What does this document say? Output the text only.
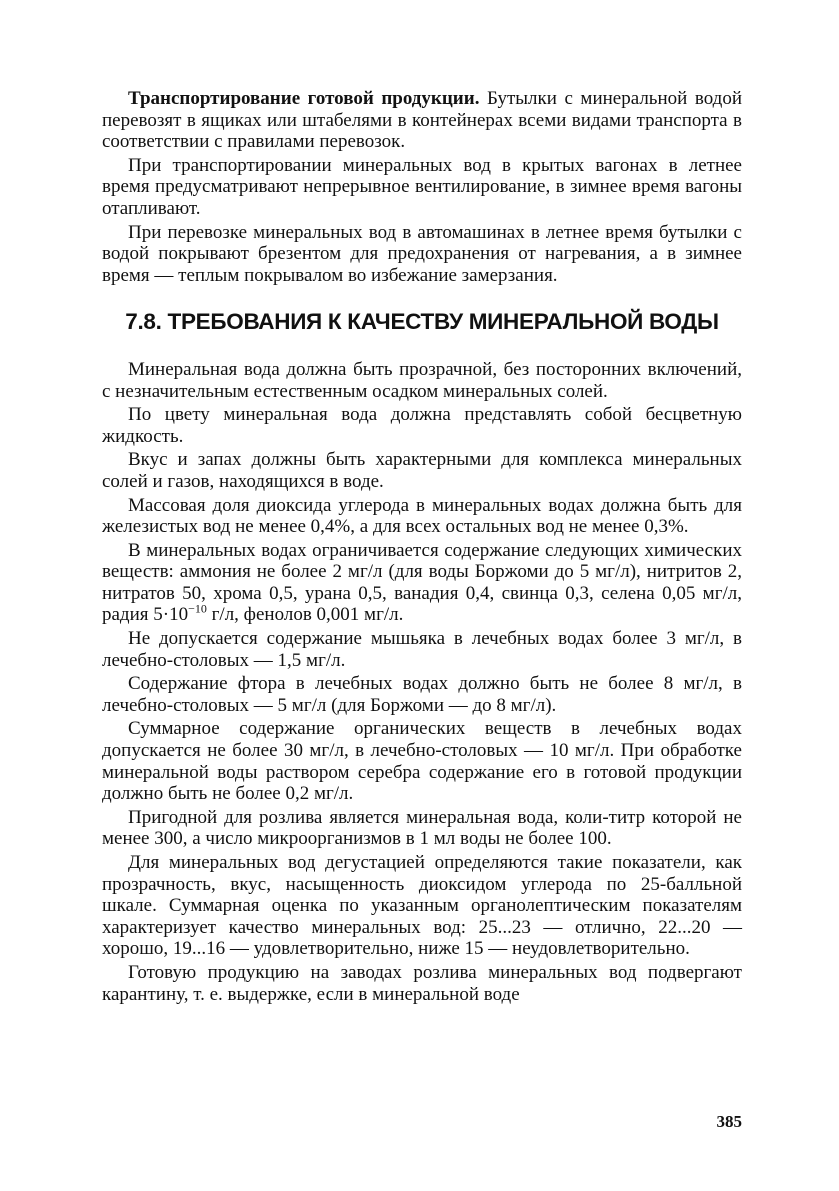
Транспортирование готовой продукции. Бутылки с минеральной водой перевозят в ящиках или штабелями в контейнерах всеми видами транспорта в соответствии с правилами перевозок.

При транспортировании минеральных вод в крытых вагонах в летнее время предусматривают непрерывное вентилирование, в зимнее время вагоны отапливают.

При перевозке минеральных вод в автомашинах в летнее время бутылки с водой покрывают брезентом для предохранения от нагревания, а в зимнее время — теплым покрывалом во избежание замерзания.

7.8. ТРЕБОВАНИЯ К КАЧЕСТВУ МИНЕРАЛЬНОЙ ВОДЫ

Минеральная вода должна быть прозрачной, без посторонних включений, с незначительным естественным осадком минеральных солей.

По цвету минеральная вода должна представлять собой бесцветную жидкость.

Вкус и запах должны быть характерными для комплекса минеральных солей и газов, находящихся в воде.

Массовая доля диоксида углерода в минеральных водах должна быть для железистых вод не менее 0,4%, а для всех остальных вод не менее 0,3%.

В минеральных водах ограничивается содержание следующих химических веществ: аммония не более 2 мг/л (для воды Боржоми до 5 мг/л), нитритов 2, нитратов 50, хрома 0,5, урана 0,5, ванадия 0,4, свинца 0,3, селена 0,05 мг/л, радия $5\cdot 10^{-10}$ г/л, фенолов 0,001 мг/л.

Не допускается содержание мышьяка в лечебных водах более 3 мг/л, в лечебно-столовых — 1,5 мг/л.

Содержание фтора в лечебных водах должно быть не более 8 мг/л, в лечебно-столовых — 5 мг/л (для Боржоми — до 8 мг/л).

Суммарное содержание органических веществ в лечебных водах допускается не более 30 мг/л, в лечебно-столовых — 10 мг/л. При обработке минеральной воды раствором серебра содержание его в готовой продукции должно быть не более 0,2 мг/л.

Пригодной для розлива является минеральная вода, коли-титр которой не менее 300, а число микроорганизмов в 1 мл воды не более 100.

Для минеральных вод дегустацией определяются такие показатели, как прозрачность, вкус, насыщенность диоксидом углерода по 25-балльной шкале. Суммарная оценка по указанным органолептическим показателям характеризует качество минеральных вод: 25...23 — отлично, 22...20 — хорошо, 19...16 — удовлетворительно, ниже 15 — неудовлетворительно.

Готовую продукцию на заводах розлива минеральных вод подвергают карантину, т. е. выдержке, если в минеральной воде

385
